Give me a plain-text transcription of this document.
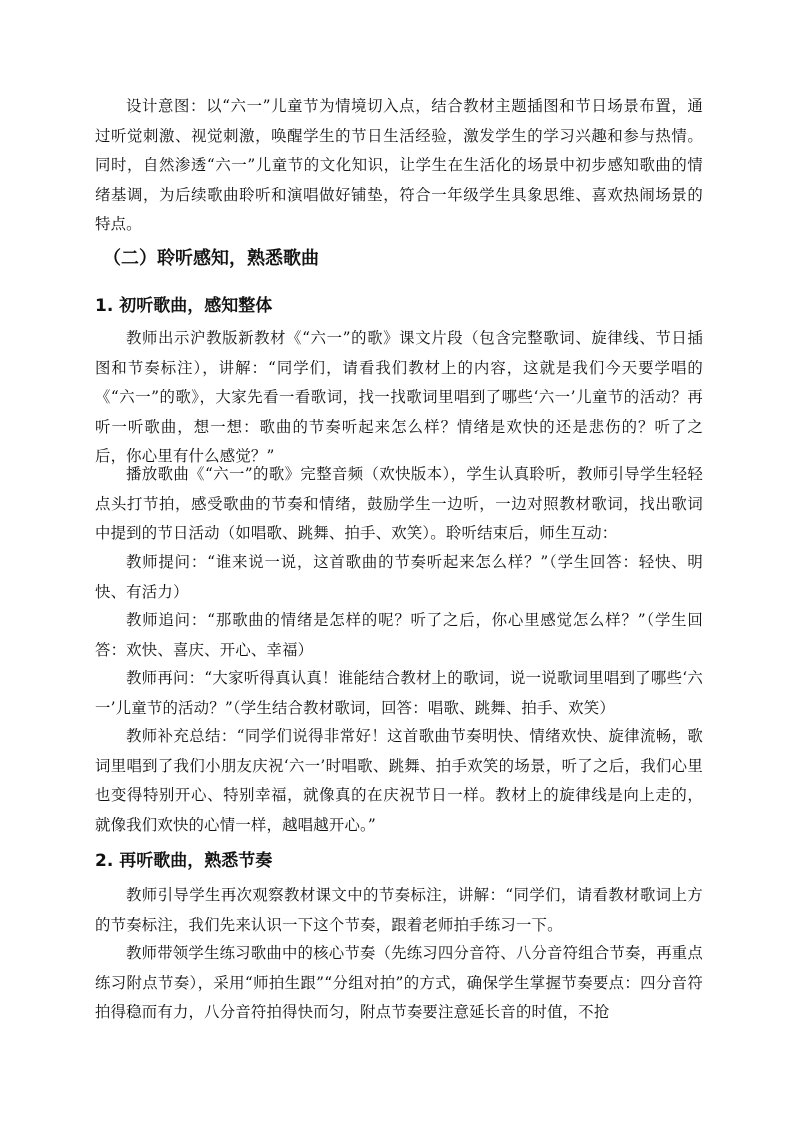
设计意图：以“六一”儿童节为情境切入点，结合教材主题插图和节日场景布置，通过听觉刺激、视觉刺激，唤醒学生的节日生活经验，激发学生的学习兴趣和参与热情。同时，自然渗透“六一”儿童节的文化知识，让学生在生活化的场景中初步感知歌曲的情绪基调，为后续歌曲聆听和演唱做好铺垫，符合一年级学生具象思维、喜欢热闹场景的特点。

（二）聆听感知，熟悉歌曲
1. 初听歌曲，感知整体

教师出示沪教版新教材《“六一”的歌》课文片段（包含完整歌词、旋律线、节日插图和节奏标注），讲解：“同学们，请看我们教材上的内容，这就是我们今天要学唱的《“六一”的歌》，大家先看一看歌词，找一找歌词里唱到了哪些‘六一’儿童节的活动？再听一听歌曲，想一想：歌曲的节奏听起来怎么样？情绪是欢快的还是悲伤的？听了之后，你心里有什么感觉？”

播放歌曲《“六一”的歌》完整音频（欢快版本），学生认真聆听，教师引导学生轻轻点头打节拍，感受歌曲的节奏和情绪，鼓励学生一边听，一边对照教材歌词，找出歌词中提到的节日活动（如唱歌、跳舞、拍手、欢笑）。聆听结束后，师生互动：

教师提问：“谁来说一说，这首歌曲的节奏听起来怎么样？”（学生回答：轻快、明快、有活力）

教师追问：“那歌曲的情绪是怎样的呢？听了之后，你心里感觉怎么样？”（学生回答：欢快、喜庆、开心、幸福）

教师再问：“大家听得真认真！谁能结合教材上的歌词，说一说歌词里唱到了哪些‘六一’儿童节的活动？”（学生结合教材歌词，回答：唱歌、跳舞、拍手、欢笑）

教师补充总结：“同学们说得非常好！这首歌曲节奏明快、情绪欢快、旋律流畅，歌词里唱到了我们小朋友庆祝‘六一’时唱歌、跳舞、拍手欢笑的场景，听了之后，我们心里也变得特别开心、特别幸福，就像真的在庆祝节日一样。教材上的旋律线是向上走的，就像我们欢快的心情一样，越唱越开心。”

2. 再听歌曲，熟悉节奏

教师引导学生再次观察教材课文中的节奏标注，讲解：“同学们，请看教材歌词上方的节奏标注，我们先来认识一下这个节奏，跟着老师拍手练习一下。

教师带领学生练习歌曲中的核心节奏（先练习四分音符、八分音符组合节奏，再重点练习附点节奏），采用“师拍生跟”“分组对拍”的方式，确保学生掌握节奏要点：四分音符拍得稳而有力，八分音符拍得快而匀，附点节奏要注意延长音的时值，不抢
